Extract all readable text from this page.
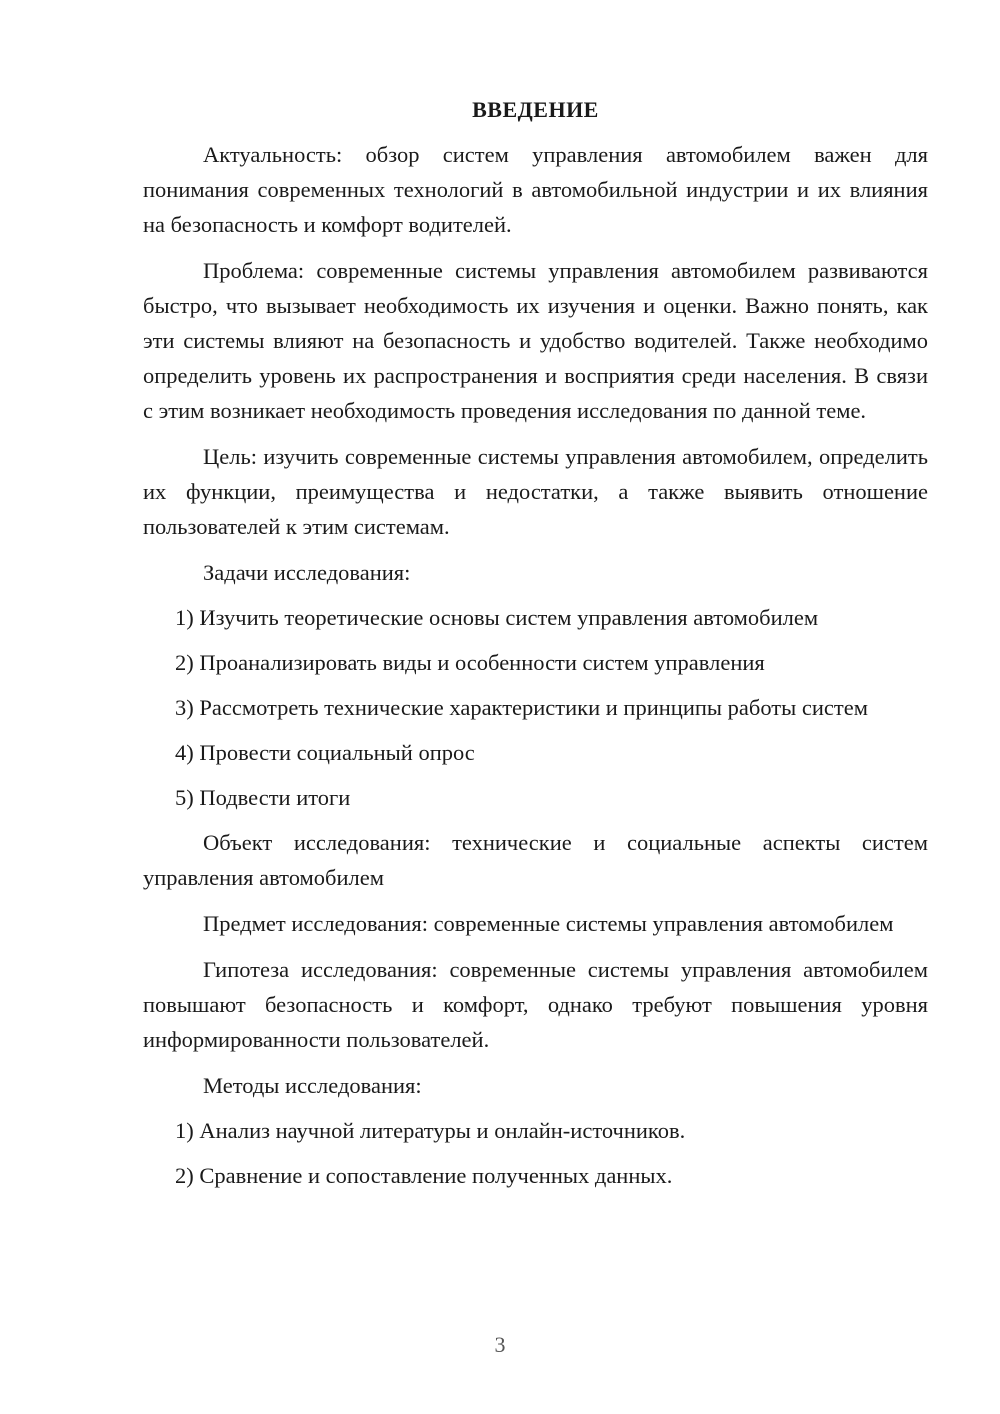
ВВЕДЕНИЕ

Актуальность: обзор систем управления автомобилем важен для понимания современных технологий в автомобильной индустрии и их влияния на безопасность и комфорт водителей.

Проблема: современные системы управления автомобилем развиваются быстро, что вызывает необходимость их изучения и оценки. Важно понять, как эти системы влияют на безопасность и удобство водителей. Также необходимо определить уровень их распространения и восприятия среди населения. В связи с этим возникает необходимость проведения исследования по данной теме.

Цель: изучить современные системы управления автомобилем, определить их функции, преимущества и недостатки, а также выявить отношение пользователей к этим системам.

Задачи исследования:

1) Изучить теоретические основы систем управления автомобилем

2) Проанализировать виды и особенности систем управления

3) Рассмотреть технические характеристики и принципы работы систем

4) Провести социальный опрос

5) Подвести итоги

Объект исследования: технические и социальные аспекты систем управления автомобилем

Предмет исследования: современные системы управления автомобилем

Гипотеза исследования: современные системы управления автомобилем повышают безопасность и комфорт, однако требуют повышения уровня информированности пользователей.

Методы исследования:

1) Анализ научной литературы и онлайн-источников.

2) Сравнение и сопоставление полученных данных.

3
